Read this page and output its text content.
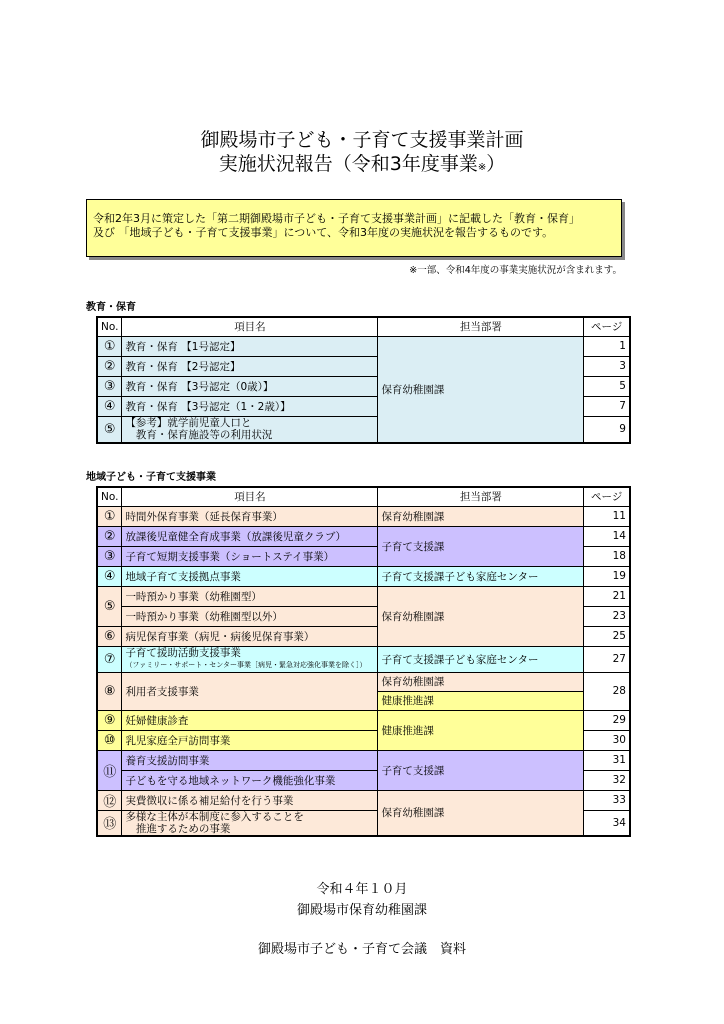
御殿場市子ども・子育て支援事業計画
実施状況報告（令和3年度事業※）
令和2年3月に策定した「第二期御殿場市子ども・子育て支援事業計画」に記載した「教育・保育」
及び 「地域子ども・子育て支援事業」について、令和3年度の実施状況を報告するものです。
※一部、令和4年度の事業実施状況が含まれます。
教育・保育
No.	項目名	担当部署	ページ
①	教育・保育 【1号認定】	保育幼稚園課	1
②	教育・保育 【2号認定】		3
③	教育・保育 【3号認定（0歳）】		5
④	教育・保育 【3号認定（1・2歳）】		7
⑤	【参考】就学前児童人口と
　教育・保育施設等の利用状況		9
地域子ども・子育て支援事業
No.	項目名	担当部署	ページ
①	時間外保育事業（延長保育事業）	保育幼稚園課	11
②	放課後児童健全育成事業（放課後児童クラブ）	子育て支援課	14
③	子育て短期支援事業（ショートステイ事業）		18
④	地域子育て支援拠点事業	子育て支援課子ども家庭センター	19
⑤	一時預かり事業（幼稚園型）	保育幼稚園課	21
	一時預かり事業（幼稚園型以外）		23
⑥	病児保育事業（病児・病後児保育事業）		25
⑦	子育て援助活動支援事業
（ファミリー・サポート・センター事業［病児・緊急対応強化事業を除く］）	子育て支援課子ども家庭センター	27
⑧	利用者支援事業	保育幼稚園課	28
		健康推進課	
⑨	妊婦健康診査	健康推進課	29
⑩	乳児家庭全戸訪問事業		30
⑪	養育支援訪問事業	子育て支援課	31
	子どもを守る地域ネットワーク機能強化事業		32
⑫	実費徴収に係る補足給付を行う事業	保育幼稚園課	33
⑬	多様な主体が本制度に参入することを
　推進するための事業		34
令和４年１０月
御殿場市保育幼稚園課
御殿場市子ども・子育て会議　資料
